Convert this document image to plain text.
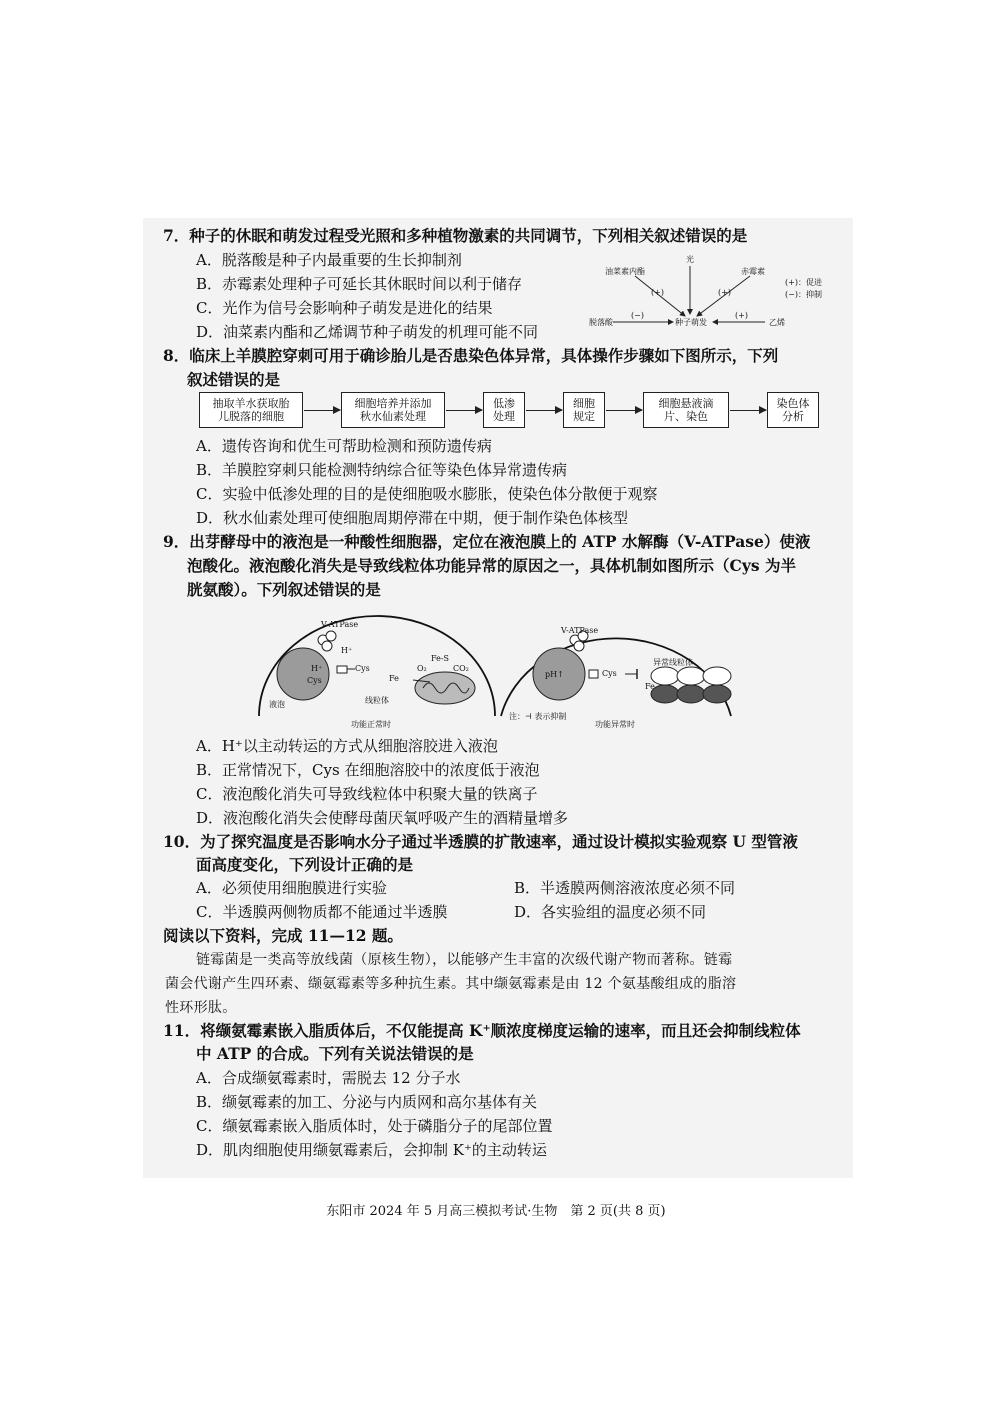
7．种子的休眠和萌发过程受光照和多种植物激素的共同调节，下列相关叙述错误的是
A．脱落酸是种子内最重要的生长抑制剂
B．赤霉素处理种子可延长其休眠时间以利于储存
C．光作为信号会影响种子萌发是进化的结果
D．油菜素内酯和乙烯调节种子萌发的机理可能不同
油菜素内酯
光
赤霉素
(+)	(+)
(+)：促进
(−)：抑制
(−)	(+)
脱落酸	种子萌发	乙烯
8．临床上羊膜腔穿刺可用于确诊胎儿是否患染色体异常，具体操作步骤如下图所示，下列
叙述错误的是
抽取羊水获取胎
儿脱落的细胞
细胞培养并添加
秋水仙素处理
低渗
处理
细胞
规定
细胞悬液滴
片、染色
染色体
分析
A．遗传咨询和优生可帮助检测和预防遗传病
B．羊膜腔穿刺只能检测特纳综合征等染色体异常遗传病
C．实验中低渗处理的目的是使细胞吸水膨胀，使染色体分散便于观察
D．秋水仙素处理可使细胞周期停滞在中期，便于制作染色体核型
9．出芽酵母中的液泡是一种酸性细胞器，定位在液泡膜上的 ATP 水解酶（V-ATPase）使液
泡酸化。液泡酸化消失是导致线粒体功能异常的原因之一，具体机制如图所示（Cys 为半
胱氨酸）。下列叙述错误的是
V-ATPase
H⁺
H⁺
Cys
Cys
Fe-S
O₂	CO₂
Fe
液泡	线粒体
功能正常时
V-ATPase
pH↑	Cys
异常线粒体
Fe
注：⊣ 表示抑制
功能异常时
A．H⁺以主动转运的方式从细胞溶胶进入液泡
B．正常情况下，Cys 在细胞溶胶中的浓度低于液泡
C．液泡酸化消失可导致线粒体中积聚大量的铁离子
D．液泡酸化消失会使酵母菌厌氧呼吸产生的酒精量增多
10．为了探究温度是否影响水分子通过半透膜的扩散速率，通过设计模拟实验观察 U 型管液
面高度变化，下列设计正确的是
A．必须使用细胞膜进行实验	B．半透膜两侧溶液浓度必须不同
C．半透膜两侧物质都不能通过半透膜	D．各实验组的温度必须不同
阅读以下资料，完成 11—12 题。
链霉菌是一类高等放线菌（原核生物），以能够产生丰富的次级代谢产物而著称。链霉
菌会代谢产生四环素、缬氨霉素等多种抗生素。其中缬氨霉素是由 12 个氨基酸组成的脂溶
性环形肽。
11．将缬氨霉素嵌入脂质体后，不仅能提高 K⁺顺浓度梯度运输的速率，而且还会抑制线粒体
中 ATP 的合成。下列有关说法错误的是
A．合成缬氨霉素时，需脱去 12 分子水
B．缬氨霉素的加工、分泌与内质网和高尔基体有关
C．缬氨霉素嵌入脂质体时，处于磷脂分子的尾部位置
D．肌肉细胞使用缬氨霉素后，会抑制 K⁺的主动转运
东阳市 2024 年 5 月高三模拟考试·生物　第 2 页(共 8 页)
